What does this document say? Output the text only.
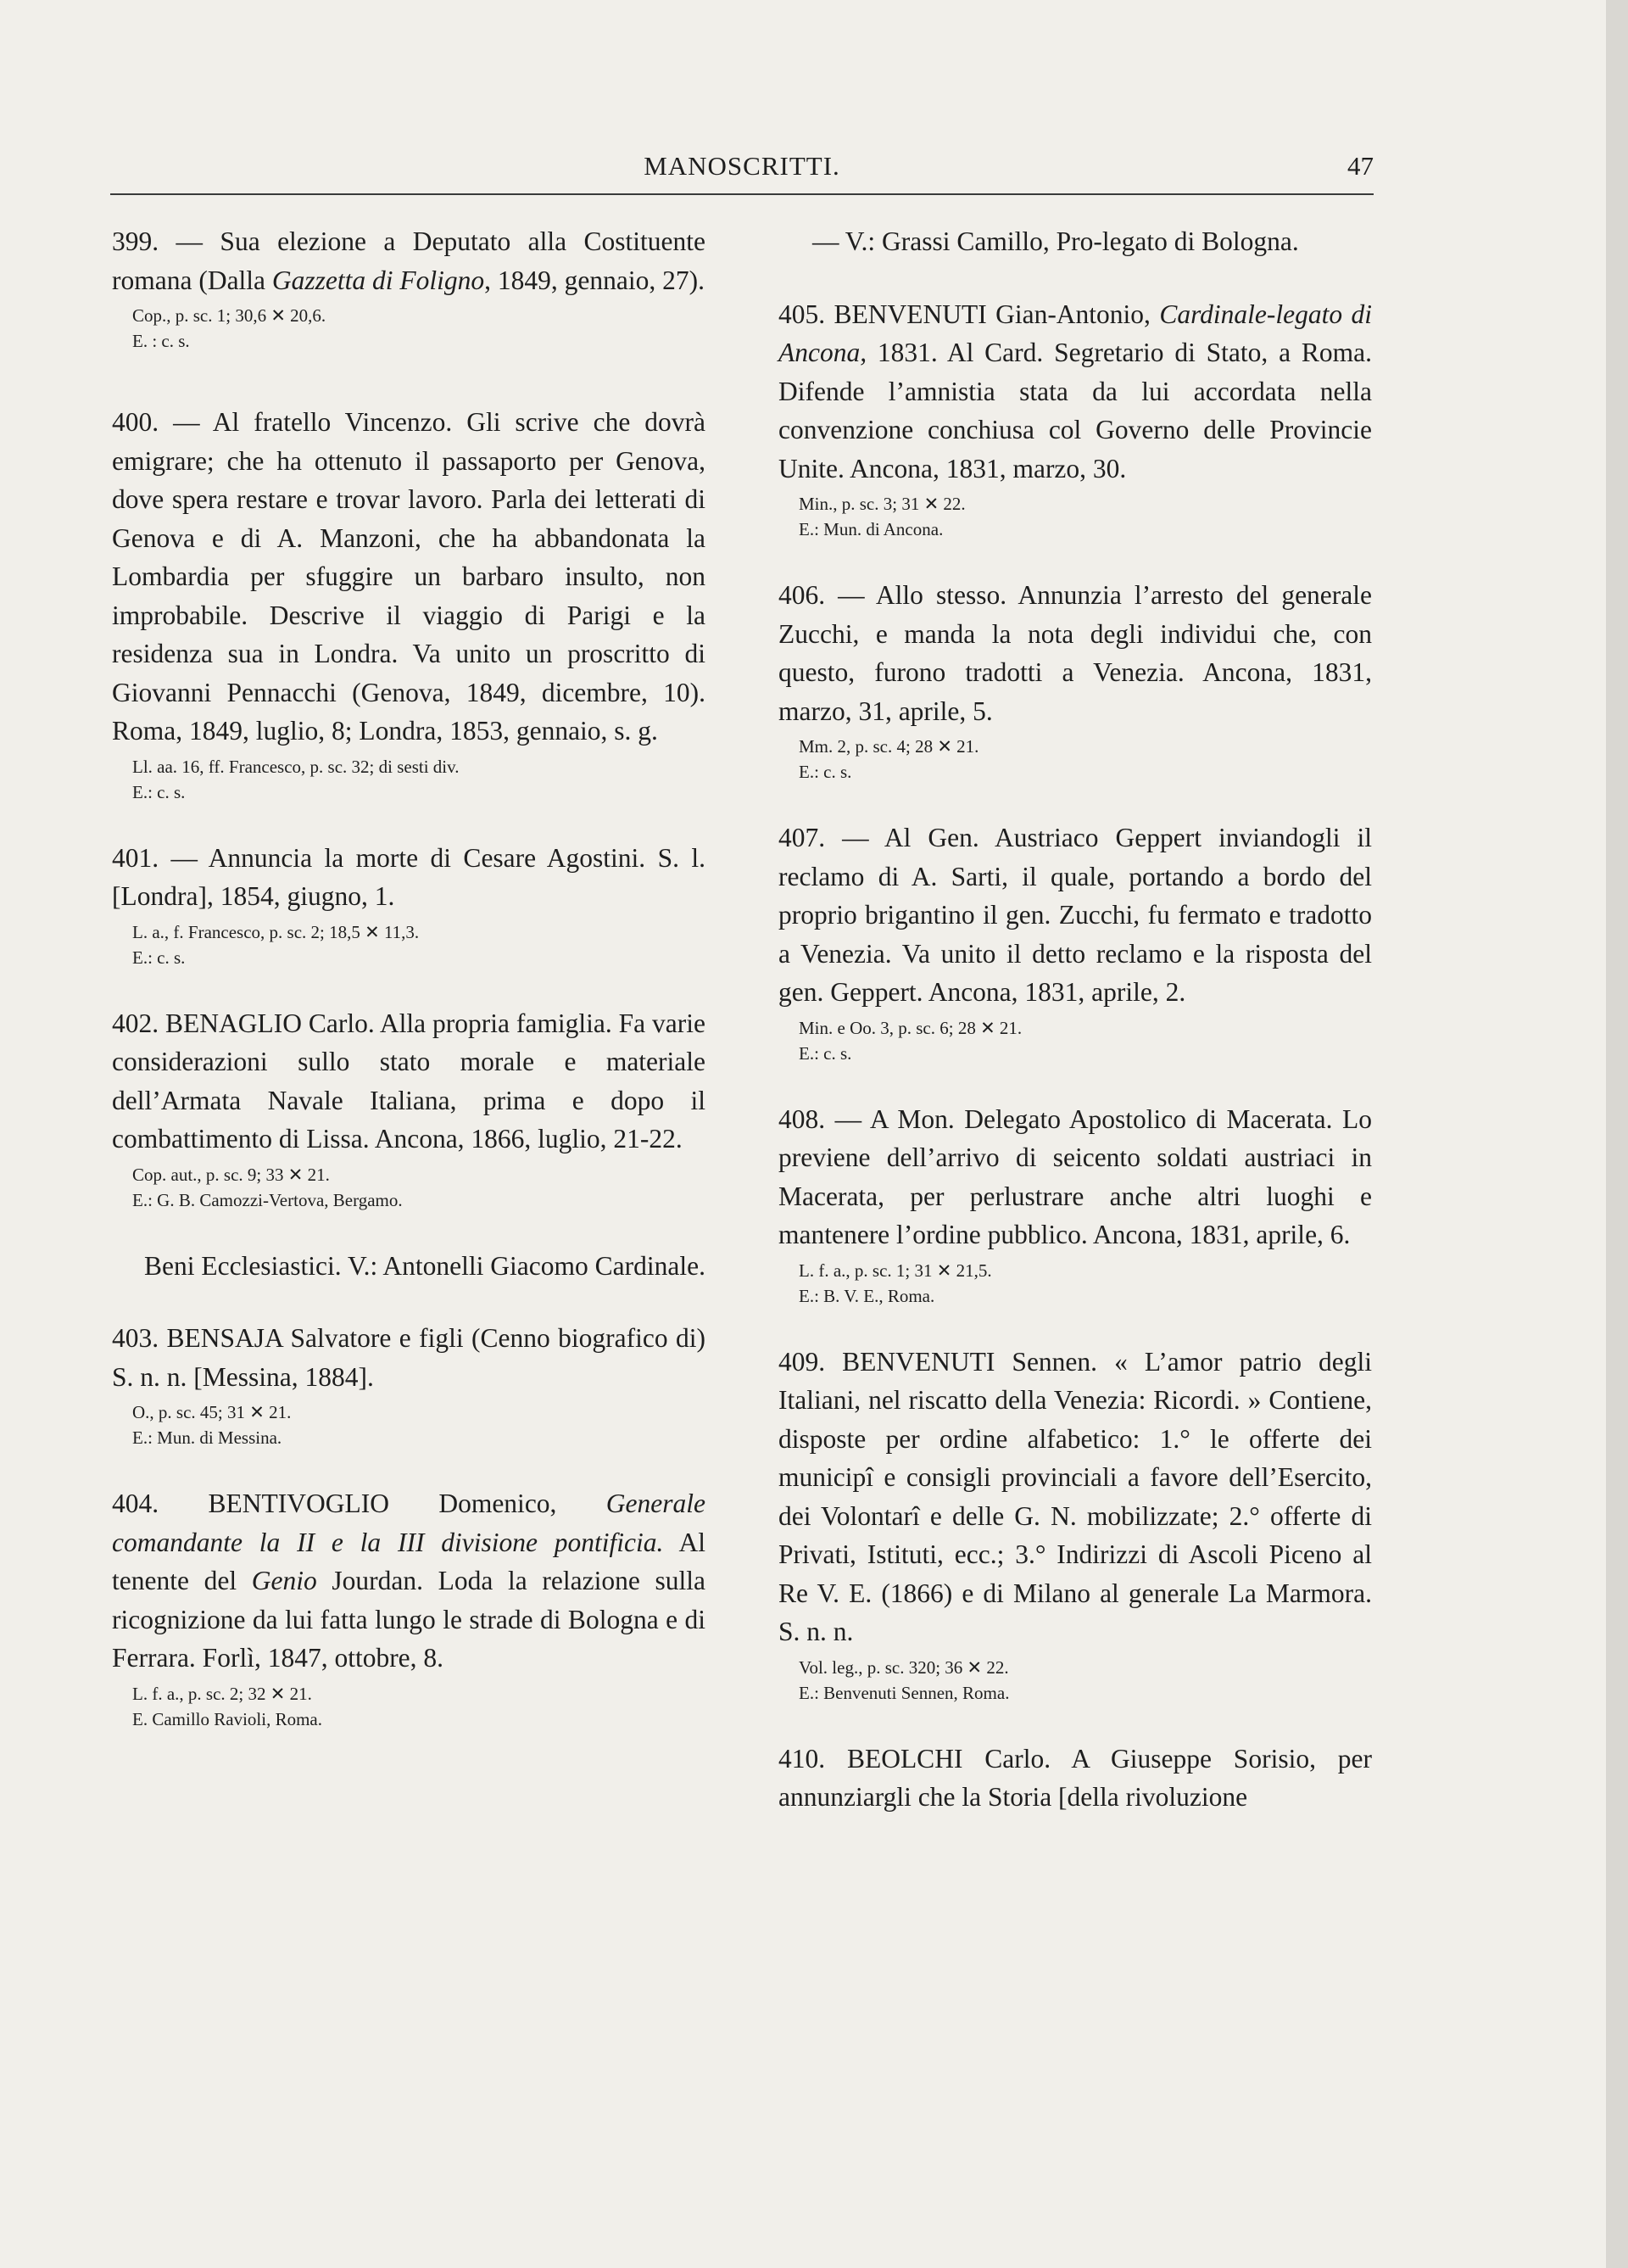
MANOSCRITTI.	47

399. — Sua elezione a Deputato alla Costituente romana (Dalla Gazzetta di Foligno, 1849, gennaio, 27).

Cop., p. sc. 1; 30,6 ✕ 20,6.
E. : c. s.

400. — Al fratello Vincenzo. Gli scrive che dovrà emigrare; che ha ottenuto il passaporto per Genova, dove spera restare e trovar lavoro. Parla dei letterati di Genova e di A. Manzoni, che ha abbandonata la Lombardia per sfuggire un barbaro insulto, non improbabile. Descrive il viaggio di Parigi e la residenza sua in Londra. Va unito un proscritto di Giovanni Pennacchi (Genova, 1849, dicembre, 10). Roma, 1849, luglio, 8; Londra, 1853, gennaio, s. g.

Ll. aa. 16, ff. Francesco, p. sc. 32; di sesti div.
E.: c. s.

401. — Annuncia la morte di Cesare Agostini. S. l. [Londra], 1854, giugno, 1.

L. a., f. Francesco, p. sc. 2; 18,5 ✕ 11,3.
E.: c. s.

402. BENAGLIO Carlo. Alla propria famiglia. Fa varie considerazioni sullo stato morale e materiale dell’Armata Navale Italiana, prima e dopo il combattimento di Lissa. Ancona, 1866, luglio, 21-22.

Cop. aut., p. sc. 9; 33 ✕ 21.
E.: G. B. Camozzi-Vertova, Bergamo.

Beni Ecclesiastici. V.: Antonelli Giacomo Cardinale.

403. BENSAJA Salvatore e figli (Cenno biografico di) S. n. n. [Messina, 1884].

O., p. sc. 45; 31 ✕ 21.
E.: Mun. di Messina.

404. BENTIVOGLIO Domenico, Generale comandante la II e la III divisione pontificia. Al tenente del Genio Jourdan. Loda la relazione sulla ricognizione da lui fatta lungo le strade di Bologna e di Ferrara. Forlì, 1847, ottobre, 8.

L. f. a., p. sc. 2; 32 ✕ 21.
E. Camillo Ravioli, Roma.

— V.: Grassi Camillo, Pro-legato di Bologna.

405. BENVENUTI Gian-Antonio, Cardinale-legato di Ancona, 1831. Al Card. Segretario di Stato, a Roma. Difende l’amnistia stata da lui accordata nella convenzione conchiusa col Governo delle Provincie Unite. Ancona, 1831, marzo, 30.

Min., p. sc. 3; 31 ✕ 22.
E.: Mun. di Ancona.

406. — Allo stesso. Annunzia l’arresto del generale Zucchi, e manda la nota degli individui che, con questo, furono tradotti a Venezia. Ancona, 1831, marzo, 31, aprile, 5.

Mm. 2, p. sc. 4; 28 ✕ 21.
E.: c. s.

407. — Al Gen. Austriaco Geppert inviandogli il reclamo di A. Sarti, il quale, portando a bordo del proprio brigantino il gen. Zucchi, fu fermato e tradotto a Venezia. Va unito il detto reclamo e la risposta del gen. Geppert. Ancona, 1831, aprile, 2.

Min. e Oo. 3, p. sc. 6; 28 ✕ 21.
E.: c. s.

408. — A Mon. Delegato Apostolico di Macerata. Lo previene dell’arrivo di seicento soldati austriaci in Macerata, per perlustrare anche altri luoghi e mantenere l’ordine pubblico. Ancona, 1831, aprile, 6.

L. f. a., p. sc. 1; 31 ✕ 21,5.
E.: B. V. E., Roma.

409. BENVENUTI Sennen. « L’amor patrio degli Italiani, nel riscatto della Venezia: Ricordi. » Contiene, disposte per ordine alfabetico: 1.° le offerte dei municipî e consigli provinciali a favore dell’Esercito, dei Volontarî e delle G. N. mobilizzate; 2.° offerte di Privati, Istituti, ecc.; 3.° Indirizzi di Ascoli Piceno al Re V. E. (1866) e di Milano al generale La Marmora. S. n. n.

Vol. leg., p. sc. 320; 36 ✕ 22.
E.: Benvenuti Sennen, Roma.

410. BEOLCHI Carlo. A Giuseppe Sorisio, per annunziargli che la Storia [della rivoluzione
